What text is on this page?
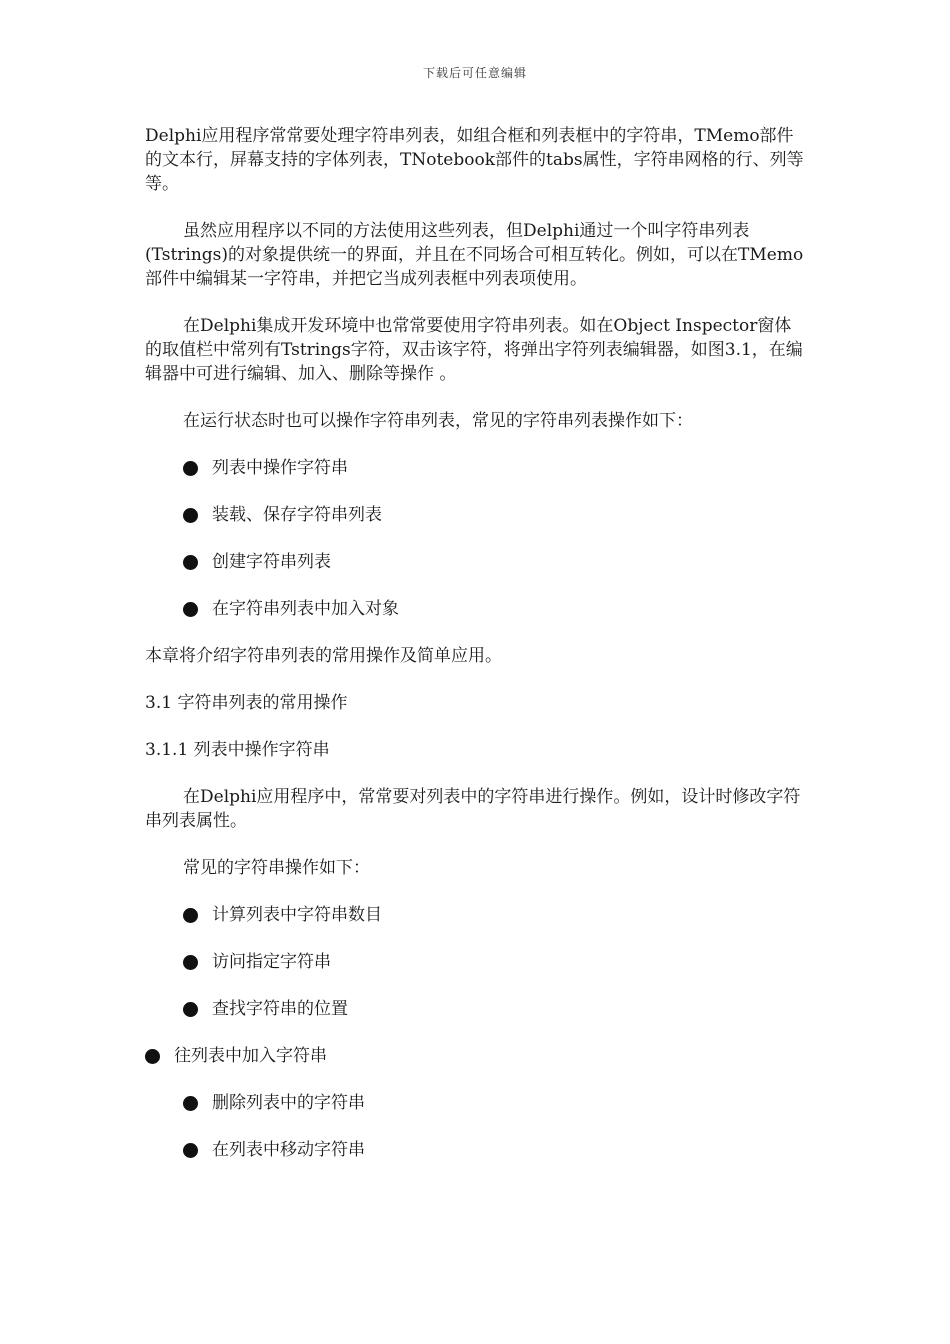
下载后可任意编辑

Delphi应用程序常常要处理字符串列表，如组合框和列表框中的字符串，TMemo部件的文本行，屏幕支持的字体列表，TNotebook部件的tabs属性，字符串网格的行、列等等。

虽然应用程序以不同的方法使用这些列表，但Delphi通过一个叫字符串列表(Tstrings)的对象提供统一的界面，并且在不同场合可相互转化。例如，可以在TMemo部件中编辑某一字符串，并把它当成列表框中列表项使用。

在Delphi集成开发环境中也常常要使用字符串列表。如在Object Inspector窗体的取值栏中常列有Tstrings字符，双击该字符，将弹出字符列表编辑器，如图3.1，在编辑器中可进行编辑、加入、删除等操作 。

在运行状态时也可以操作字符串列表，常见的字符串列表操作如下：

列表中操作字符串
装载、保存字符串列表
创建字符串列表
在字符串列表中加入对象

本章将介绍字符串列表的常用操作及简单应用。

3.1 字符串列表的常用操作

3.1.1 列表中操作字符串

在Delphi应用程序中，常常要对列表中的字符串进行操作。例如，设计时修改字符串列表属性。

常见的字符串操作如下：

计算列表中字符串数目
访问指定字符串
查找字符串的位置
往列表中加入字符串
删除列表中的字符串
在列表中移动字符串
